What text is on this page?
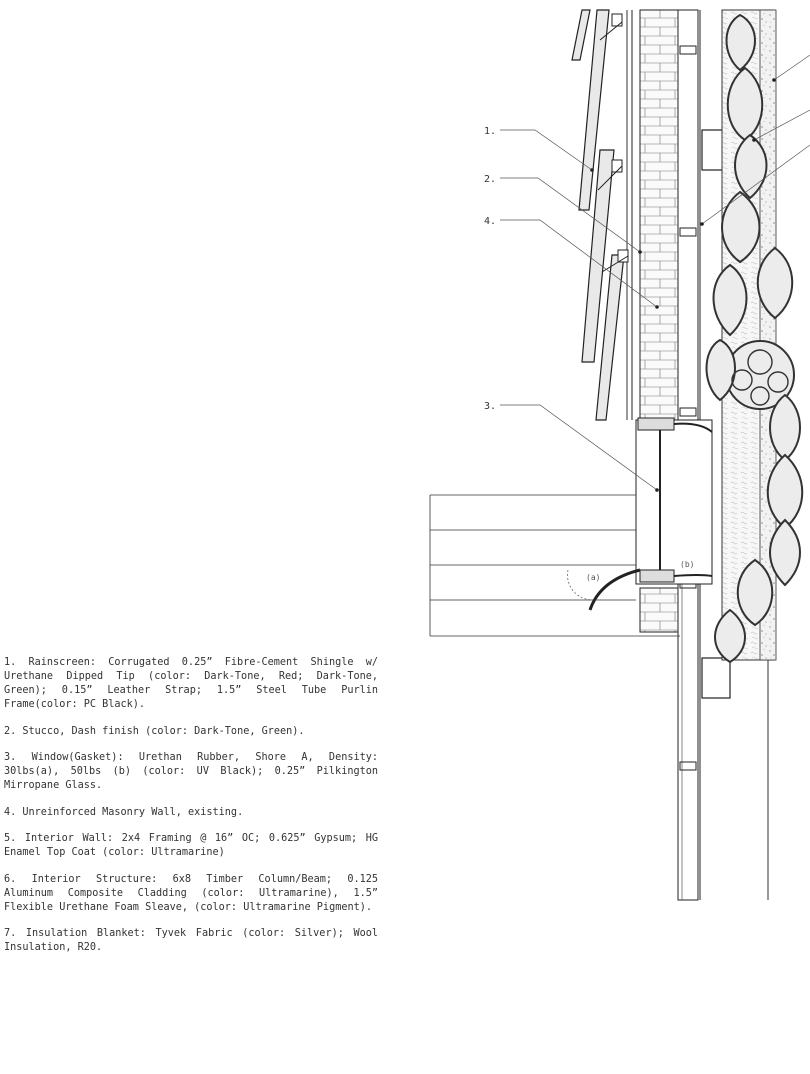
1.
2.
4.
3.
(a)
(b)

1. Rainscreen: Corrugated 0.25” Fibre-Cement Shingle w/ Urethane Dipped Tip (color: Dark-Tone, Red; Dark-Tone, Green); 0.15” Leather Strap; 1.5” Steel Tube Purlin Frame(color: PC Black).

2. Stucco, Dash finish (color: Dark-Tone, Green).

3. Window(Gasket): Urethan Rubber, Shore A, Density: 30lbs(a), 50lbs (b) (color: UV Black); 0.25” Pilkington Mirropane Glass.

4. Unreinforced Masonry Wall, existing.

5. Interior Wall: 2x4 Framing @ 16” OC; 0.625” Gypsum; HG Enamel Top Coat (color: Ultramarine)

6. Interior Structure: 6x8 Timber Column/Beam; 0.125 Aluminum Composite Cladding (color: Ultramarine), 1.5” Flexible Urethane Foam Sleave, (color: Ultramarine Pigment).

7. Insulation Blanket: Tyvek Fabric (color: Silver); Wool Insulation, R20.
